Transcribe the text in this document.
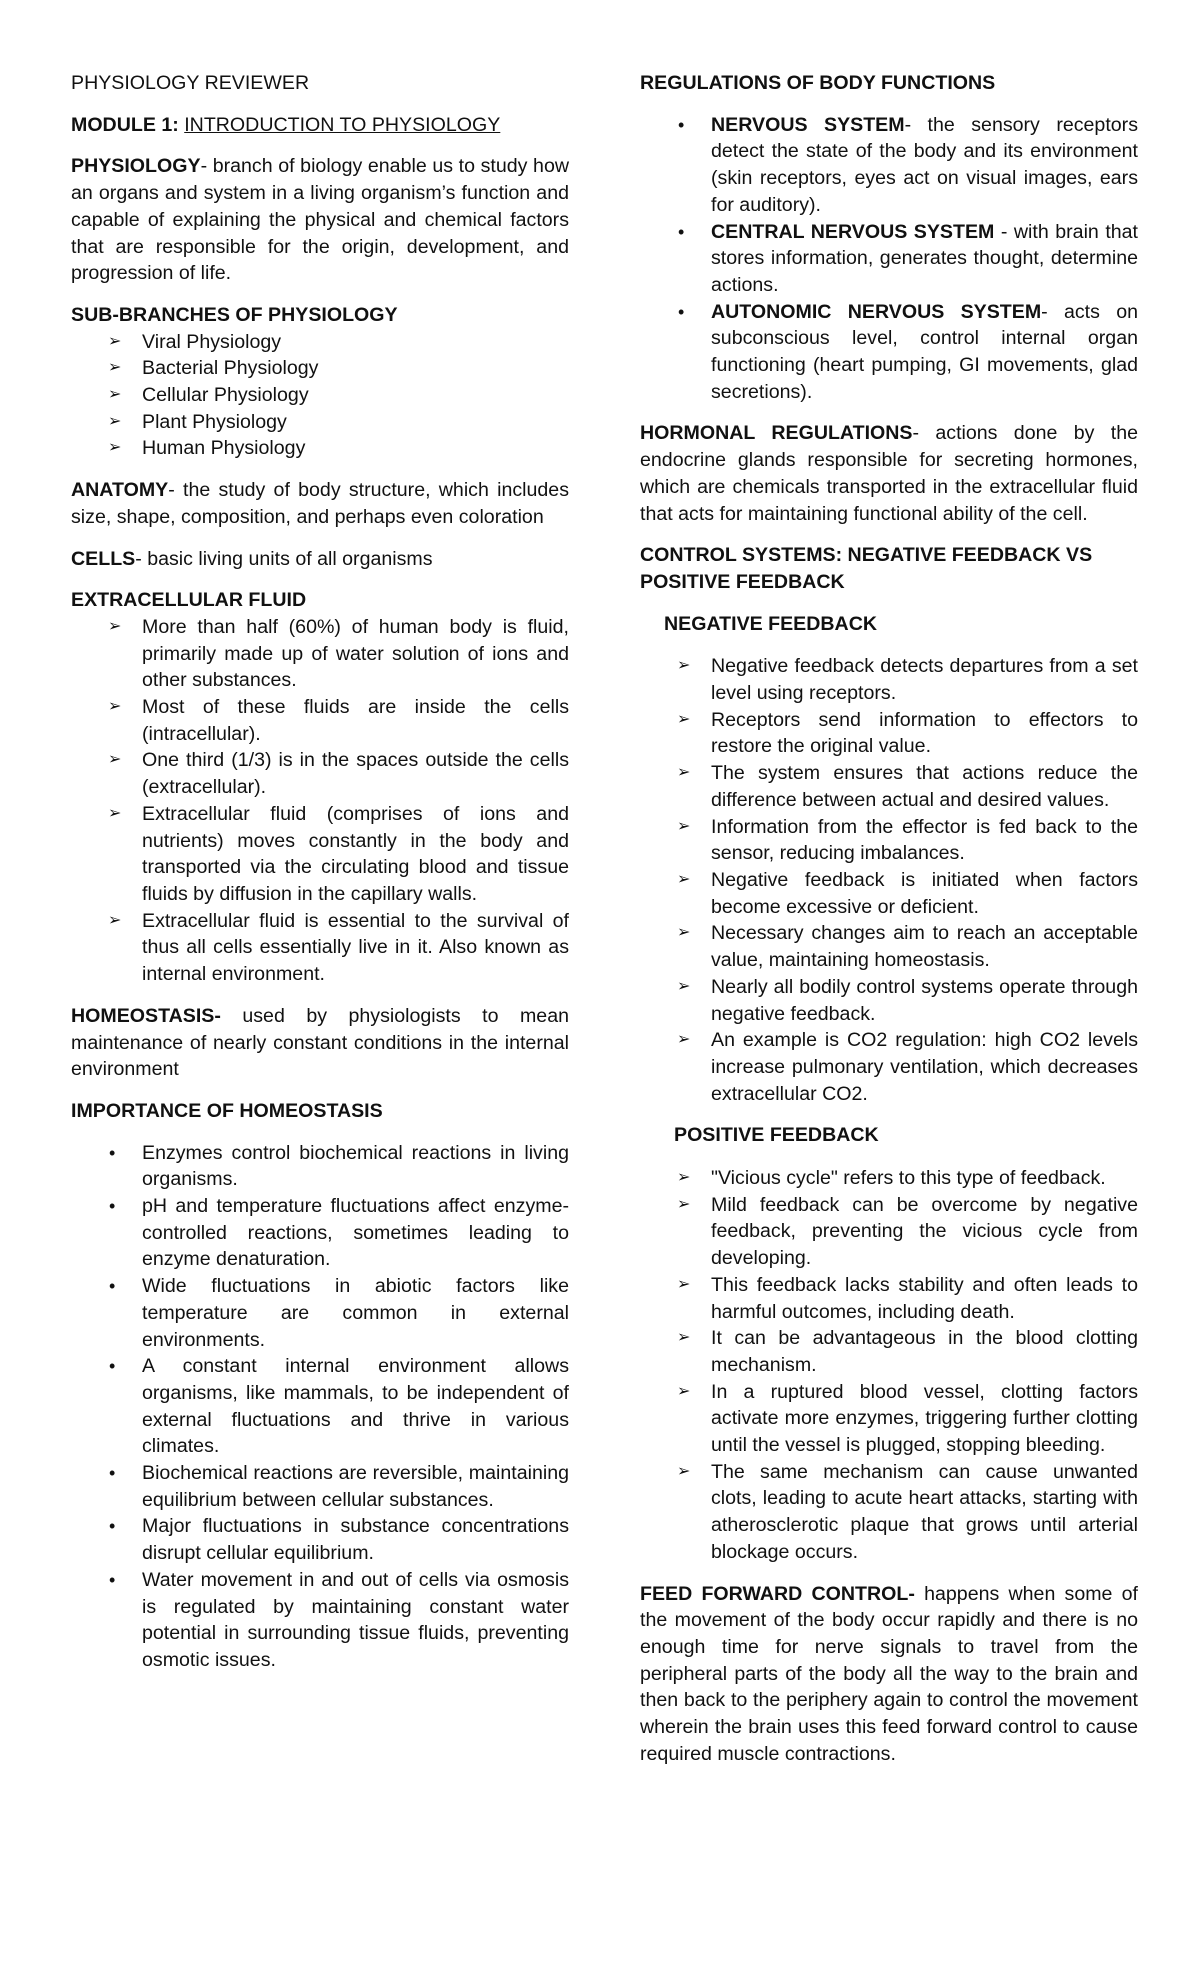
PHYSIOLOGY REVIEWER

MODULE 1: INTRODUCTION TO PHYSIOLOGY

PHYSIOLOGY- branch of biology enable us to study how an organs and system in a living organism’s function and capable of explaining the physical and chemical factors that are responsible for the origin, development, and progression of life.

SUB-BRANCHES OF PHYSIOLOGY
➢ Viral Physiology
➢ Bacterial Physiology
➢ Cellular Physiology
➢ Plant Physiology
➢ Human Physiology

ANATOMY- the study of body structure, which includes size, shape, composition, and perhaps even coloration

CELLS- basic living units of all organisms

EXTRACELLULAR FLUID
➢ More than half (60%) of human body is fluid, primarily made up of water solution of ions and other substances.
➢ Most of these fluids are inside the cells (intracellular).
➢ One third (1/3) is in the spaces outside the cells (extracellular).
➢ Extracellular fluid (comprises of ions and nutrients) moves constantly in the body and transported via the circulating blood and tissue fluids by diffusion in the capillary walls.
➢ Extracellular fluid is essential to the survival of thus all cells essentially live in it. Also known as internal environment.

HOMEOSTASIS- used by physiologists to mean maintenance of nearly constant conditions in the internal environment

IMPORTANCE OF HOMEOSTASIS
• Enzymes control biochemical reactions in living organisms.
• pH and temperature fluctuations affect enzyme-controlled reactions, sometimes leading to enzyme denaturation.
• Wide fluctuations in abiotic factors like temperature are common in external environments.
• A constant internal environment allows organisms, like mammals, to be independent of external fluctuations and thrive in various climates.
• Biochemical reactions are reversible, maintaining equilibrium between cellular substances.
• Major fluctuations in substance concentrations disrupt cellular equilibrium.
• Water movement in and out of cells via osmosis is regulated by maintaining constant water potential in surrounding tissue fluids, preventing osmotic issues.

REGULATIONS OF BODY FUNCTIONS

• NERVOUS SYSTEM- the sensory receptors detect the state of the body and its environment (skin receptors, eyes act on visual images, ears for auditory).
• CENTRAL NERVOUS SYSTEM - with brain that stores information, generates thought, determine actions.
• AUTONOMIC NERVOUS SYSTEM- acts on subconscious level, control internal organ functioning (heart pumping, GI movements, glad secretions).

HORMONAL REGULATIONS- actions done by the endocrine glands responsible for secreting hormones, which are chemicals transported in the extracellular fluid that acts for maintaining functional ability of the cell.

CONTROL SYSTEMS: NEGATIVE FEEDBACK VS POSITIVE FEEDBACK

NEGATIVE FEEDBACK
➢ Negative feedback detects departures from a set level using receptors.
➢ Receptors send information to effectors to restore the original value.
➢ The system ensures that actions reduce the difference between actual and desired values.
➢ Information from the effector is fed back to the sensor, reducing imbalances.
➢ Negative feedback is initiated when factors become excessive or deficient.
➢ Necessary changes aim to reach an acceptable value, maintaining homeostasis.
➢ Nearly all bodily control systems operate through negative feedback.
➢ An example is CO2 regulation: high CO2 levels increase pulmonary ventilation, which decreases extracellular CO2.
POSITIVE FEEDBACK
➢ "Vicious cycle" refers to this type of feedback.
➢ Mild feedback can be overcome by negative feedback, preventing the vicious cycle from developing.
➢ This feedback lacks stability and often leads to harmful outcomes, including death.
➢ It can be advantageous in the blood clotting mechanism.
➢ In a ruptured blood vessel, clotting factors activate more enzymes, triggering further clotting until the vessel is plugged, stopping bleeding.
➢ The same mechanism can cause unwanted clots, leading to acute heart attacks, starting with atherosclerotic plaque that grows until arterial blockage occurs.

FEED FORWARD CONTROL- happens when some of the movement of the body occur rapidly and there is no enough time for nerve signals to travel from the peripheral parts of the body all the way to the brain and then back to the periphery again to control the movement wherein the brain uses this feed forward control to cause required muscle contractions.
